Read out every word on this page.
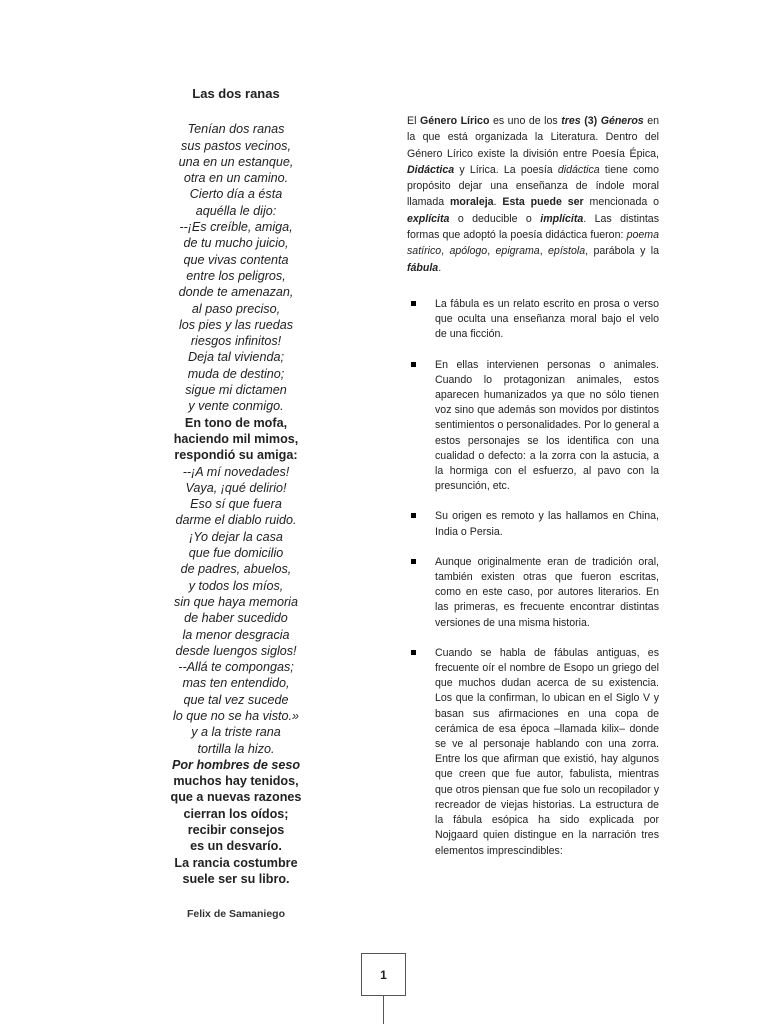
Las dos ranas
Tenían dos ranas
sus pastos vecinos,
una en un estanque,
otra en un camino.
Cierto día a ésta
aquélla le dijo:
--¡Es creíble, amiga,
de tu mucho juicio,
que vivas contenta
entre los peligros,
donde te amenazan,
al paso preciso,
los pies y las ruedas
riesgos infinitos!
Deja tal vivienda;
muda de destino;
sigue mi dictamen
y vente conmigo.
En tono de mofa,
haciendo mil mimos,
respondió su amiga:
--¡A mí novedades!
Vaya, ¡qué delirio!
Eso sí que fuera
darme el diablo ruido.
¡Yo dejar la casa
que fue domicilio
de padres, abuelos,
y todos los míos,
sin que haya memoria
de haber sucedido
la menor desgracia
desde luengos siglos!
--Allá te compongas;
mas ten entendido,
que tal vez sucede
lo que no se ha visto.»
y a la triste rana
tortilla la hizo.
Por hombres de seso
muchos hay tenidos,
que a nuevas razones
cierran los oídos;
recibir consejos
es un desvarío.
La rancia costumbre
suele ser su libro.
Felix de Samaniego
El Género Lírico es uno de los tres (3) Géneros en la que está organizada la Literatura. Dentro del Género Lírico existe la división entre Poesía Épica, Didáctica y Lírica. La poesía didáctica tiene como propósito dejar una enseñanza de índole moral llamada moraleja. Esta puede ser mencionada o explícita o deducible o implícita. Las distintas formas que adoptó la poesía didáctica fueron: poema satírico, apólogo, epigrama, epístola, parábola y la fábula.
La fábula es un relato escrito en prosa o verso que oculta una enseñanza moral bajo el velo de una ficción.
En ellas intervienen personas o animales. Cuando lo protagonizan animales, estos aparecen humanizados ya que no sólo tienen voz sino que además son movidos por distintos sentimientos o personalidades. Por lo general a estos personajes se los identifica con una cualidad o defecto: a la zorra con la astucia, a la hormiga con el esfuerzo, al pavo con la presunción, etc.
Su origen es remoto y las hallamos en China, India o Persia.
Aunque originalmente eran de tradición oral, también existen otras que fueron escritas, como en este caso, por autores literarios. En las primeras, es frecuente encontrar distintas versiones de una misma historia.
Cuando se habla de fábulas antiguas, es frecuente oír el nombre de Esopo un griego del que muchos dudan acerca de su existencia. Los que la confirman, lo ubican en el Siglo V y basan sus afirmaciones en una copa de cerámica de esa época –llamada kilix– donde se ve al personaje hablando con una zorra. Entre los que afirman que existió, hay algunos que creen que fue autor, fabulista, mientras que otros piensan que fue solo un recopilador y recreador de viejas historias. La estructura de la fábula esópica ha sido explicada por Nojgaard quien distingue en la narración tres elementos imprescindibles:
1
